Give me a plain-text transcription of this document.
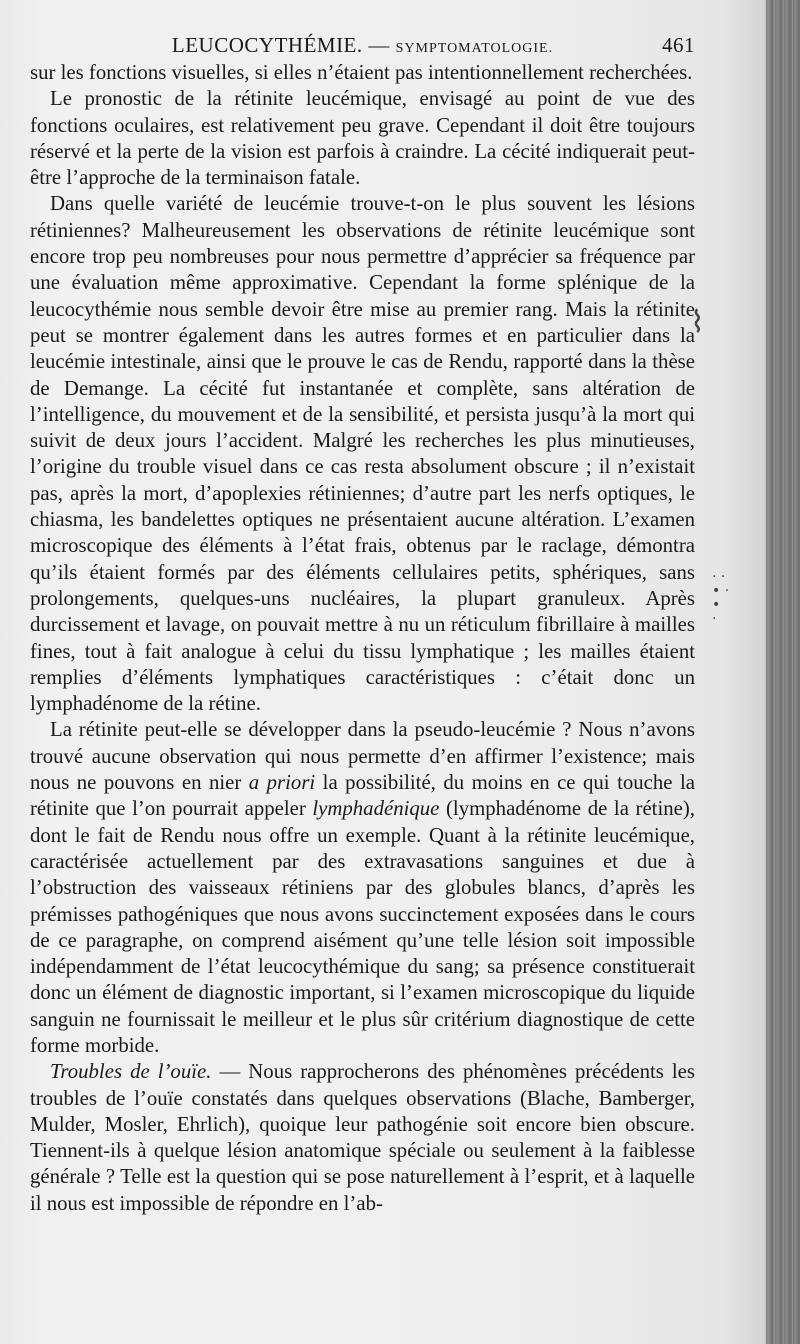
⌇
· ·
• ·
•
·
LEUCOCYTHÉMIE. — SYMPTOMATOLOGIE.	461

sur les fonctions visuelles, si elles n’étaient pas intentionnellement recherchées.

Le pronostic de la rétinite leucémique, envisagé au point de vue des fonctions oculaires, est relativement peu grave. Cependant il doit être toujours réservé et la perte de la vision est parfois à craindre. La cécité indiquerait peut-être l’approche de la terminaison fatale.

Dans quelle variété de leucémie trouve-t-on le plus souvent les lésions rétiniennes? Malheureusement les observations de rétinite leucémique sont encore trop peu nombreuses pour nous permettre d’apprécier sa fréquence par une évaluation même approximative. Cependant la forme splénique de la leucocythémie nous semble devoir être mise au premier rang. Mais la rétinite peut se montrer également dans les autres formes et en particulier dans la leucémie intestinale, ainsi que le prouve le cas de Rendu, rapporté dans la thèse de Demange. La cécité fut instantanée et complète, sans altération de l’intelligence, du mouvement et de la sensibilité, et persista jusqu’à la mort qui suivit de deux jours l’accident. Malgré les recherches les plus minutieuses, l’origine du trouble visuel dans ce cas resta absolument obscure ; il n’existait pas, après la mort, d’apoplexies rétiniennes; d’autre part les nerfs optiques, le chiasma, les bandelettes optiques ne présentaient aucune altération. L’examen microscopique des éléments à l’état frais, obtenus par le raclage, démontra qu’ils étaient formés par des éléments cellulaires petits, sphériques, sans prolongements, quelques-uns nucléaires, la plupart granuleux. Après durcissement et lavage, on pouvait mettre à nu un réticulum fibrillaire à mailles fines, tout à fait analogue à celui du tissu lymphatique ; les mailles étaient remplies d’éléments lymphatiques caractéristiques : c’était donc un lymphadénome de la rétine.

La rétinite peut-elle se développer dans la pseudo-leucémie ? Nous n’avons trouvé aucune observation qui nous permette d’en affirmer l’existence; mais nous ne pouvons en nier a priori la possibilité, du moins en ce qui touche la rétinite que l’on pourrait appeler lymphadénique (lymphadénome de la rétine), dont le fait de Rendu nous offre un exemple. Quant à la rétinite leucémique, caractérisée actuellement par des extravasations sanguines et due à l’obstruction des vaisseaux rétiniens par des globules blancs, d’après les prémisses pathogéniques que nous avons succinctement exposées dans le cours de ce paragraphe, on comprend aisément qu’une telle lésion soit impossible indépendamment de l’état leucocythémique du sang; sa présence constituerait donc un élément de diagnostic important, si l’examen microscopique du liquide sanguin ne fournissait le meilleur et le plus sûr critérium diagnostique de cette forme morbide.

Troubles de l’ouïe. — Nous rapprocherons des phénomènes précédents les troubles de l’ouïe constatés dans quelques observations (Blache, Bamberger, Mulder, Mosler, Ehrlich), quoique leur pathogénie soit encore bien obscure. Tiennent-ils à quelque lésion anatomique spéciale ou seulement à la faiblesse générale ? Telle est la question qui se pose naturellement à l’esprit, et à laquelle il nous est impossible de répondre en l’ab-
